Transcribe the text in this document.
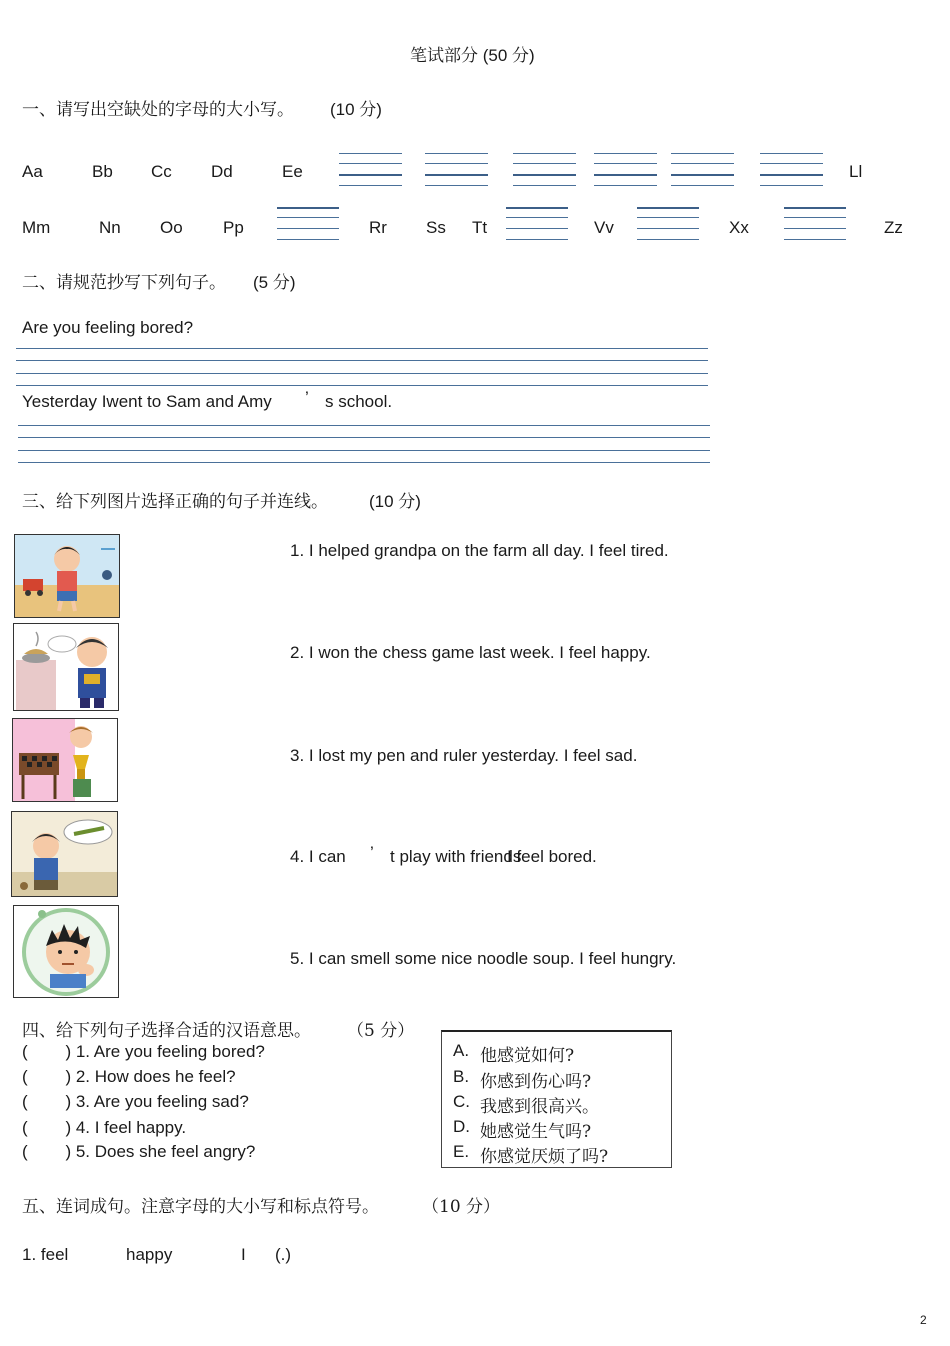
笔试部分 (50 分)
一、请写出空缺处的字母的大小写。 (10 分)
Aa	Bb Cc Dd	Ee	Ll
Mm	Nn Oo Pp	Rr Ss Tt	Vv	Xx	Zz
二、请规范抄写下列句子。 (5 分)
Are you feeling bored?
Yesterday Iwent to Sam and Amy ’ s school.
三、给下列图片选择正确的句子并连线。 (10 分)
1. I helped grandpa on the farm all day. I feel tired.
2. I won the chess game last week. I feel happy.
3. I lost my pen and ruler yesterday. I feel sad.
4. I can ’ t play with friends
I feel bored.
5. I can smell some nice noodle soup. I feel hungry.
四、给下列句子选择合适的汉语意思。 （5 分）
(        ) 1. Are you feeling bored?
(        ) 2. How does he feel?
(        ) 3. Are you feeling sad?
(        ) 4. I feel happy.
(        ) 5. Does she feel angry?
A. 他感觉如何?
B. 你感到伤心吗?
C. 我感到很高兴。
D. 她感觉生气吗?
E. 你感觉厌烦了吗?
五、连词成句。注意字母的大小写和标点符号。	（10 分）
1. feel	happy	I (.)
2
